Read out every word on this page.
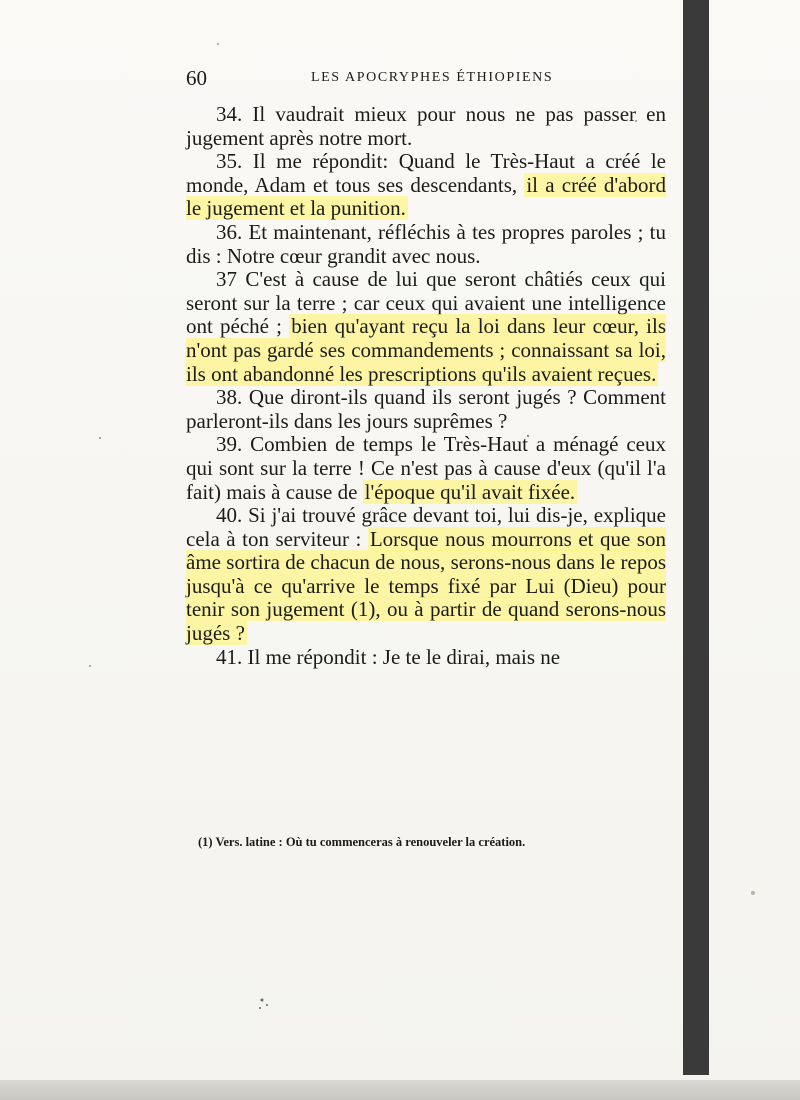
60	LES APOCRYPHES ÉTHIOPIENS

34. Il vaudrait mieux pour nous ne pas passer en jugement après notre mort.

35. Il me répondit: Quand le Très-Haut a créé le monde, Adam et tous ses descendants, il a créé d'abord le jugement et la punition.

36. Et maintenant, réfléchis à tes propres paroles ; tu dis : Notre cœur grandit avec nous.

37 C'est à cause de lui que seront châtiés ceux qui seront sur la terre ; car ceux qui avaient une intelligence ont péché ; bien qu'ayant reçu la loi dans leur cœur, ils n'ont pas gardé ses commandements ; connaissant sa loi, ils ont abandonné les prescriptions qu'ils avaient reçues.

38. Que diront-ils quand ils seront jugés ? Comment parleront-ils dans les jours suprêmes ?

39. Combien de temps le Très-Haut a ménagé ceux qui sont sur la terre ! Ce n'est pas à cause d'eux (qu'il l'a fait) mais à cause de l'époque qu'il avait fixée.

40. Si j'ai trouvé grâce devant toi, lui dis-je, explique cela à ton serviteur : Lorsque nous mourrons et que son âme sortira de chacun de nous, serons-nous dans le repos jusqu'à ce qu'arrive le temps fixé par Lui (Dieu) pour tenir son jugement (1), ou à partir de quand serons-nous jugés ?

41. Il me répondit : Je te le dirai, mais ne

(1) Vers. latine : Où tu commenceras à renouveler la création.
